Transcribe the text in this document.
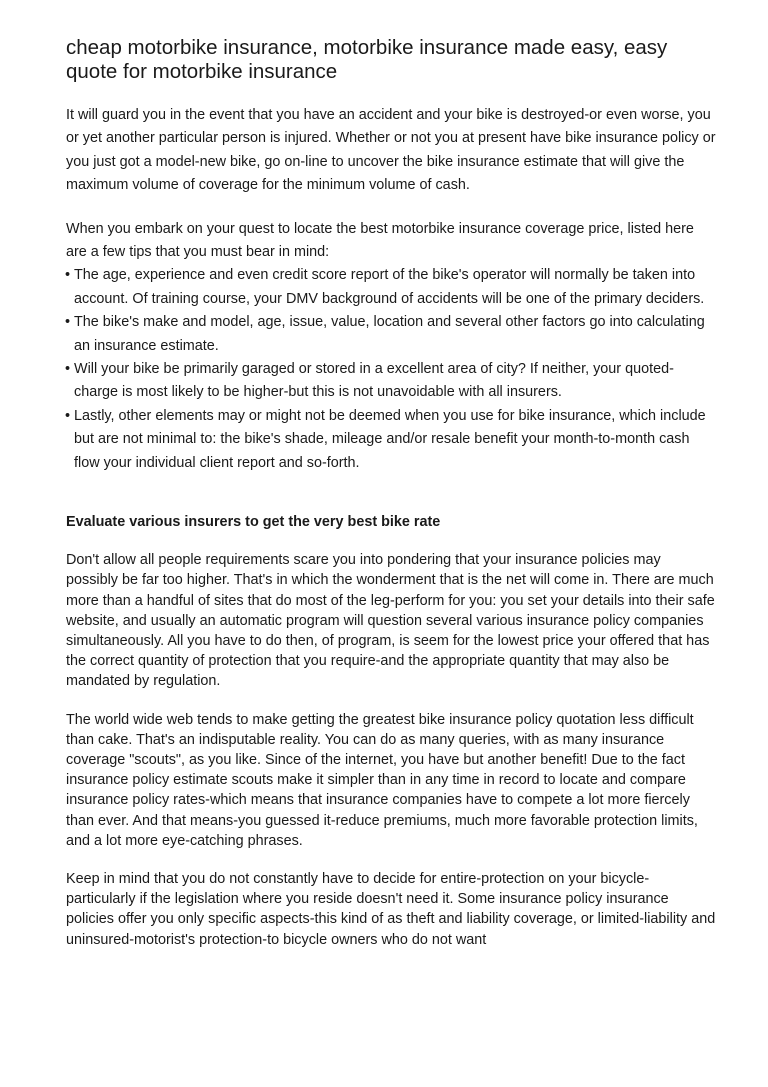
cheap motorbike insurance, motorbike insurance made easy, easy quote for motorbike insurance

It will guard you in the event that you have an accident and your bike is destroyed-or even worse, you or yet another particular person is injured. Whether or not you at present have bike insurance policy or you just got a model-new bike, go on-line to uncover the bike insurance estimate that will give the maximum volume of coverage for the minimum volume of cash.

When you embark on your quest to locate the best motorbike insurance coverage price, listed here are a few tips that you must bear in mind:

• The age, experience and even credit score report of the bike's operator will normally be taken into account. Of training course, your DMV background of accidents will be one of the primary deciders.
• The bike's make and model, age, issue, value, location and several other factors go into calculating an insurance estimate.
• Will your bike be primarily garaged or stored in a excellent area of city? If neither, your quoted-charge is most likely to be higher-but this is not unavoidable with all insurers.
• Lastly, other elements may or might not be deemed when you use for bike insurance, which include but are not minimal to: the bike's shade, mileage and/or resale benefit your month-to-month cash flow your individual client report and so-forth.
Evaluate various insurers to get the very best bike rate

Don't allow all people requirements scare you into pondering that your insurance policies may possibly be far too higher. That's in which the wonderment that is the net will come in. There are much more than a handful of sites that do most of the leg-perform for you: you set your details into their safe website, and usually an automatic program will question several various insurance policy companies simultaneously. All you have to do then, of program, is seem for the lowest price your offered that has the correct quantity of protection that you require-and the appropriate quantity that may also be mandated by regulation.

The world wide web tends to make getting the greatest bike insurance policy quotation less difficult than cake. That's an indisputable reality. You can do as many queries, with as many insurance coverage "scouts", as you like. Since of the internet, you have but another benefit! Due to the fact insurance policy estimate scouts make it simpler than in any time in record to locate and compare insurance policy rates-which means that insurance companies have to compete a lot more fiercely than ever. And that means-you guessed it-reduce premiums, much more favorable protection limits, and a lot more eye-catching phrases.

Keep in mind that you do not constantly have to decide for entire-protection on your bicycle-particularly if the legislation where you reside doesn't need it. Some insurance policy insurance policies offer you only specific aspects-this kind of as theft and liability coverage, or limited-liability and uninsured-motorist's protection-to bicycle owners who do not want
